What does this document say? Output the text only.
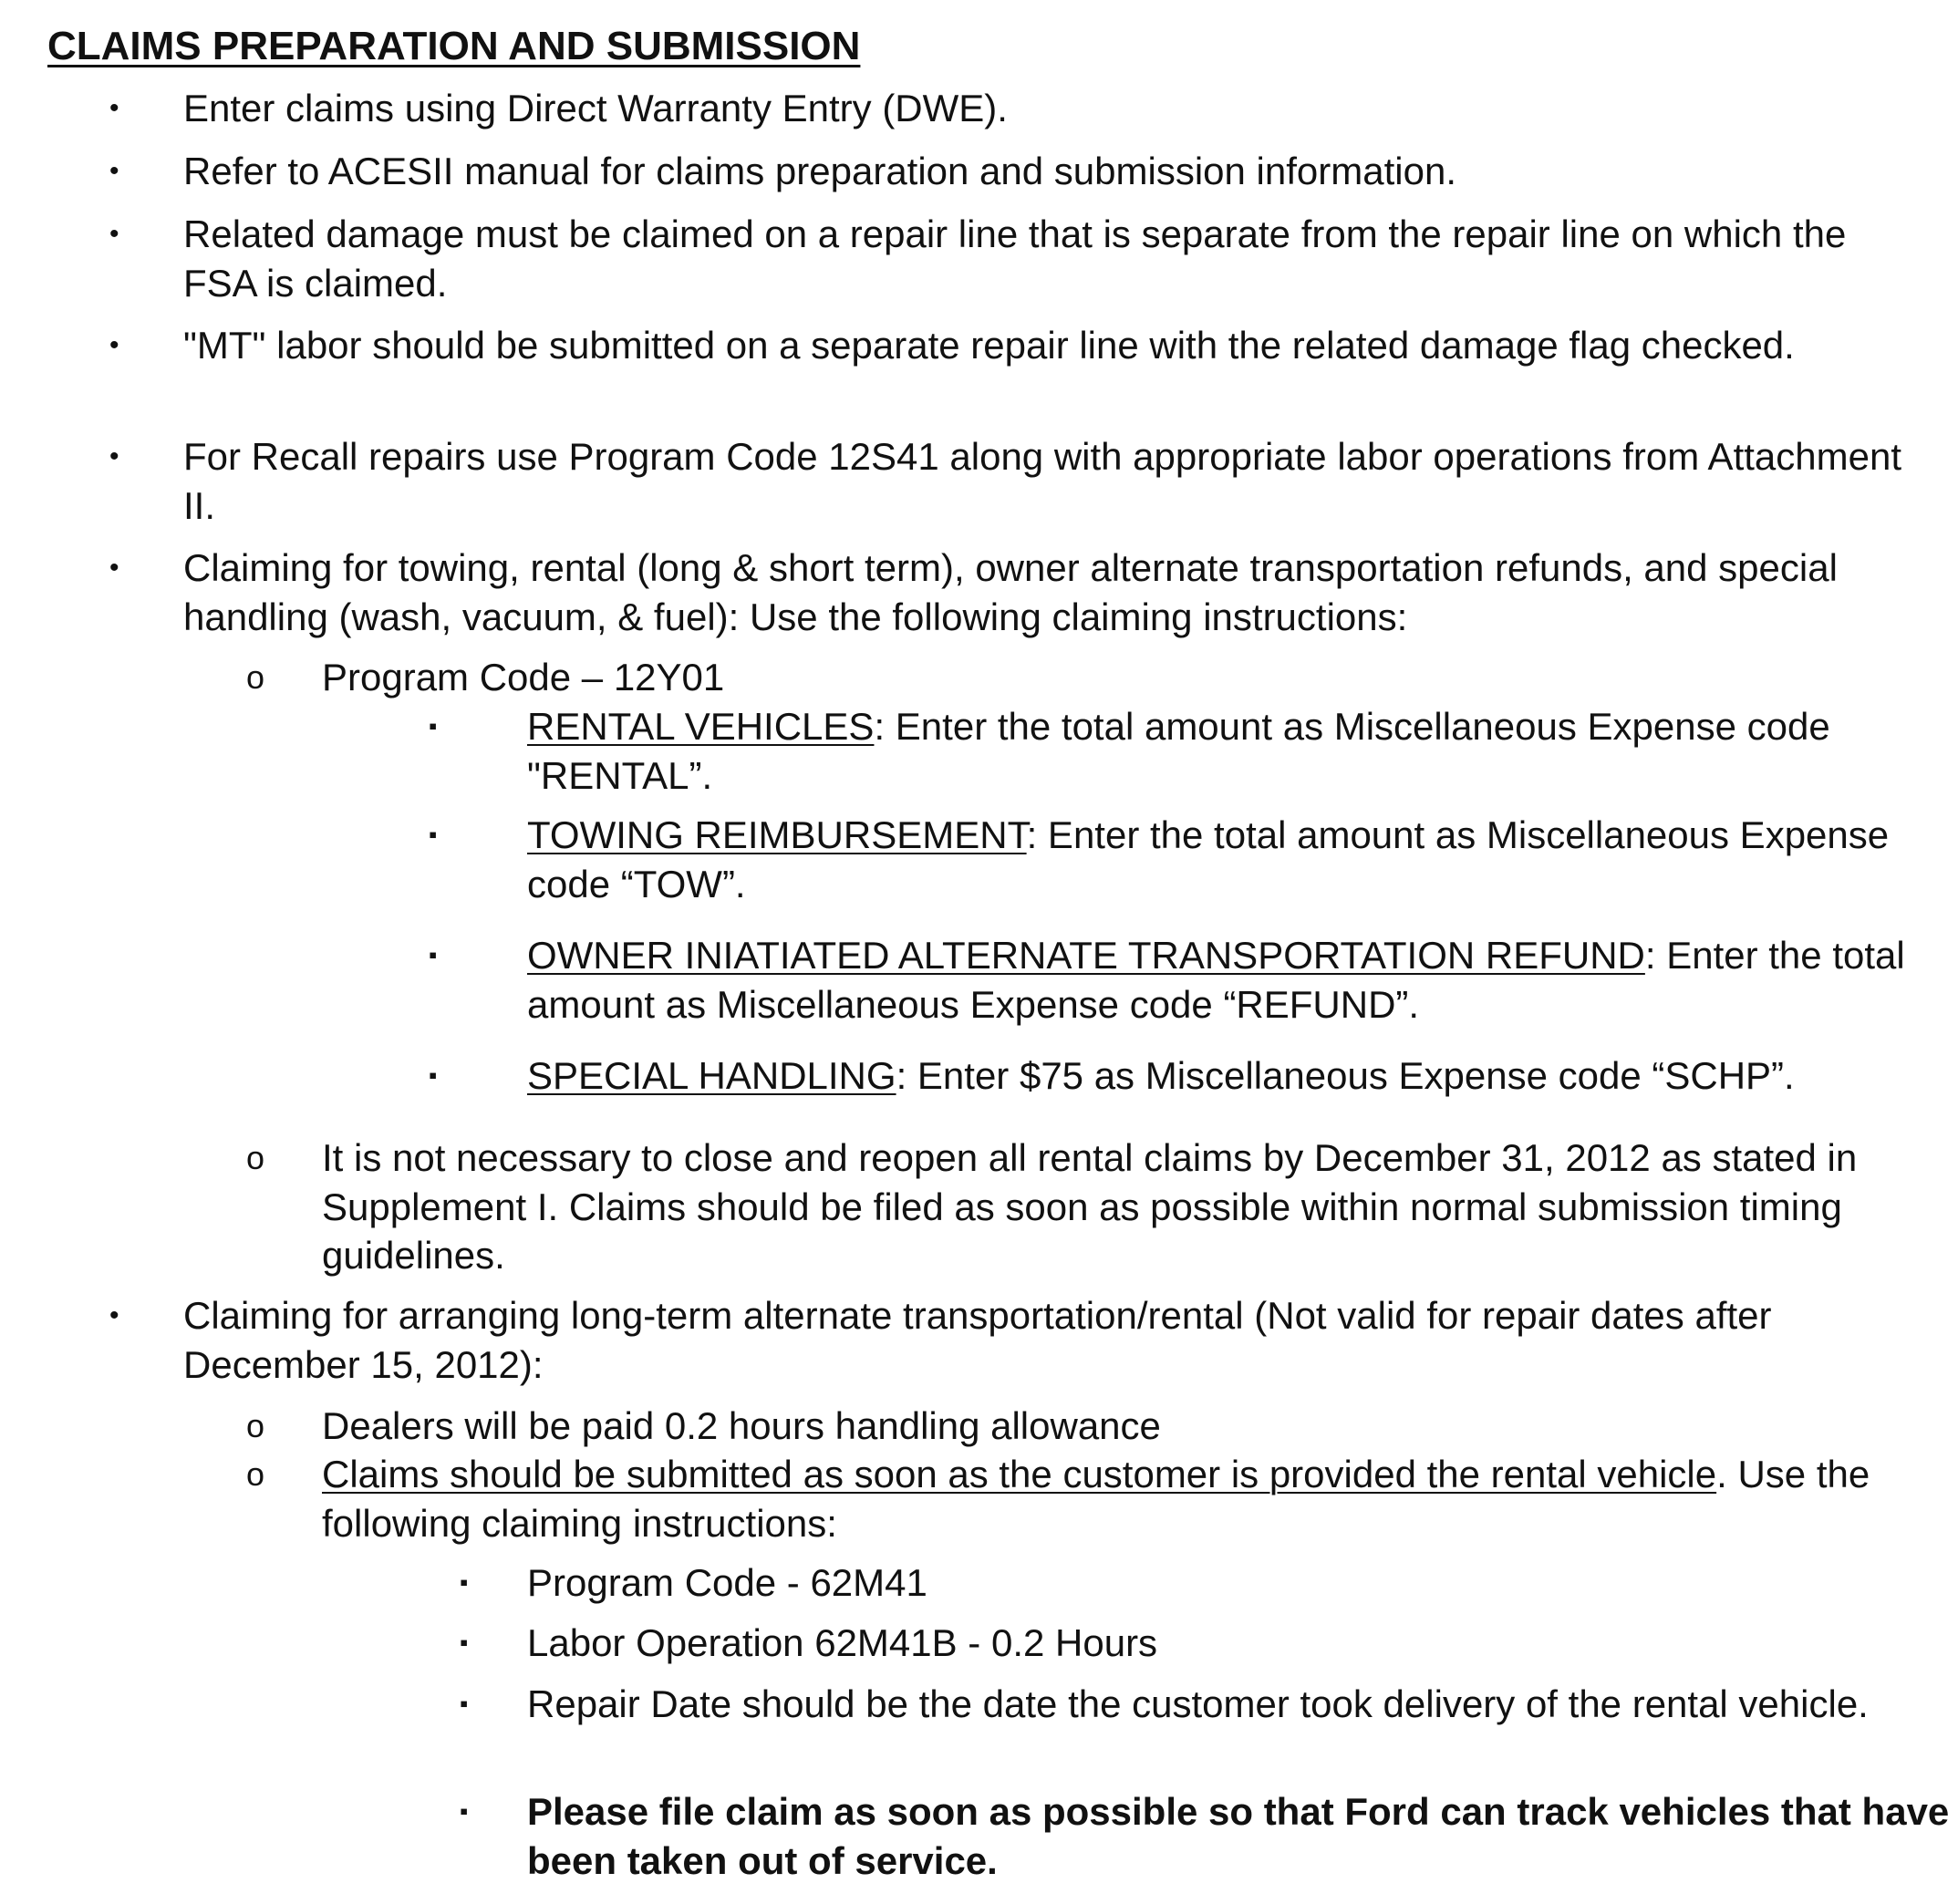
CLAIMS PREPARATION AND SUBMISSION
•	Enter claims using Direct Warranty Entry (DWE).
•	Refer to ACESII manual for claims preparation and submission information.
•	Related damage must be claimed on a repair line that is separate from the repair line on which the FSA is claimed.
•	"MT" labor should be submitted on a separate repair line with the related damage flag checked.
•	For Recall repairs use Program Code 12S41 along with appropriate labor operations from Attachment II.
•	Claiming for towing, rental (long & short term), owner alternate transportation refunds, and special handling (wash, vacuum, & fuel): Use the following claiming instructions:
o Program Code – 12Y01
▪ RENTAL VEHICLES: Enter the total amount as Miscellaneous Expense code "RENTAL”.
▪ TOWING REIMBURSEMENT: Enter the total amount as Miscellaneous Expense code “TOW”.
▪ OWNER INIATIATED ALTERNATE TRANSPORTATION REFUND: Enter the total amount as Miscellaneous Expense code “REFUND”.
▪ SPECIAL HANDLING: Enter $75 as Miscellaneous Expense code “SCHP”.
o It is not necessary to close and reopen all rental claims by December 31, 2012 as stated in Supplement I. Claims should be filed as soon as possible within normal submission timing guidelines.
•	Claiming for arranging long-term alternate transportation/rental (Not valid for repair dates after December 15, 2012):
o Dealers will be paid 0.2 hours handling allowance
o Claims should be submitted as soon as the customer is provided the rental vehicle. Use the following claiming instructions:
▪ Program Code - 62M41
▪ Labor Operation 62M41B - 0.2 Hours
▪ Repair Date should be the date the customer took delivery of the rental vehicle.
▪ Please file claim as soon as possible so that Ford can track vehicles that have been taken out of service.
